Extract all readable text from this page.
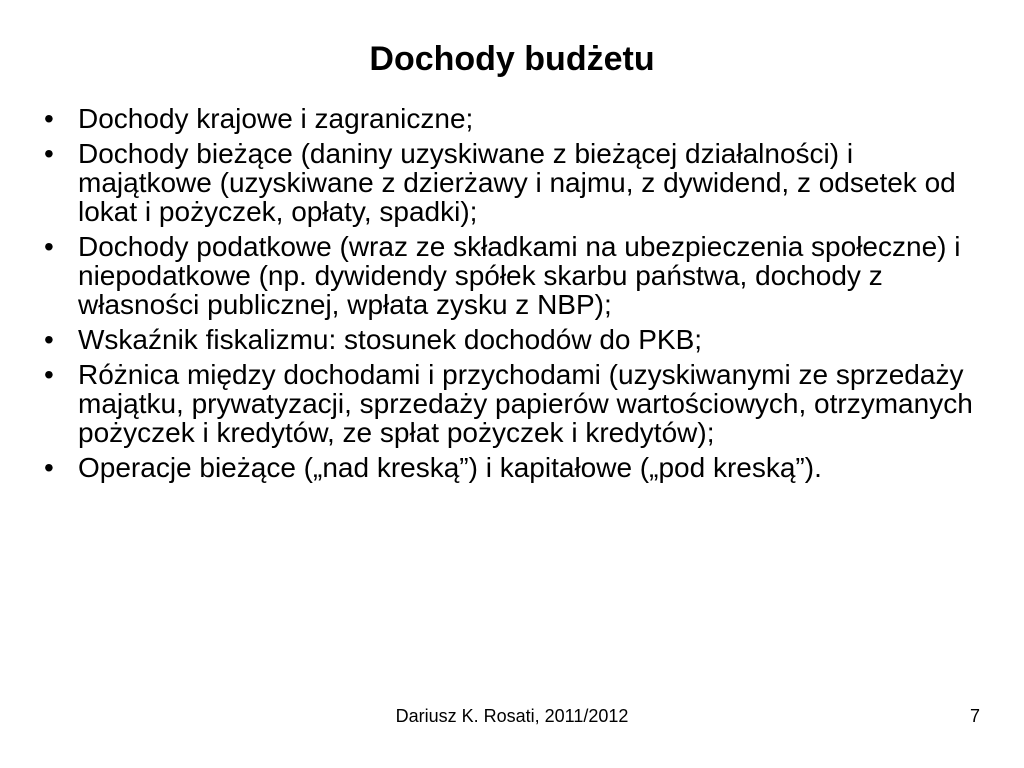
Dochody budżetu
• Dochody krajowe i zagraniczne;
• Dochody bieżące (daniny uzyskiwane z bieżącej działalności) i majątkowe (uzyskiwane z dzierżawy i najmu, z dywidend, z odsetek od lokat i pożyczek, opłaty, spadki);
• Dochody podatkowe (wraz ze składkami na ubezpieczenia społeczne) i niepodatkowe (np. dywidendy spółek skarbu państwa, dochody z własności publicznej, wpłata zysku z NBP);
• Wskaźnik fiskalizmu: stosunek dochodów do PKB;
• Różnica między dochodami i przychodami (uzyskiwanymi ze sprzedaży majątku, prywatyzacji, sprzedaży papierów wartościowych, otrzymanych pożyczek i kredytów, ze spłat pożyczek i kredytów);
• Operacje bieżące („nad kreską”) i kapitałowe („pod kreską”).
Dariusz K. Rosati, 2011/2012	7
